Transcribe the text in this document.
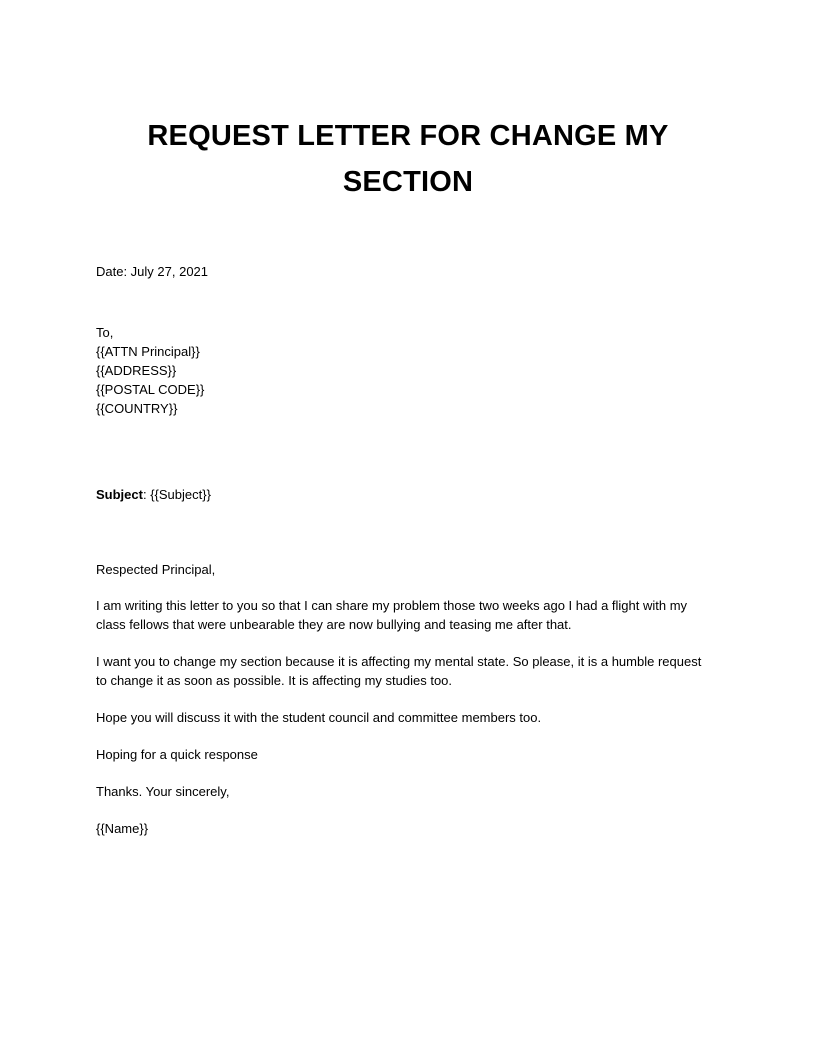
REQUEST LETTER FOR CHANGE MY
SECTION
Date: July 27, 2021
To,
{{ATTN Principal}}
{{ADDRESS}}
{{POSTAL CODE}}
{{COUNTRY}}
Subject: {{Subject}}
Respected Principal,
I am writing this letter to you so that I can share my problem those two weeks ago I had a flight with my
class fellows that were unbearable they are now bullying and teasing me after that.
I want you to change my section because it is affecting my mental state. So please, it is a humble request
to change it as soon as possible. It is affecting my studies too.
Hope you will discuss it with the student council and committee members too.
Hoping for a quick response
Thanks. Your sincerely,
{{Name}}
